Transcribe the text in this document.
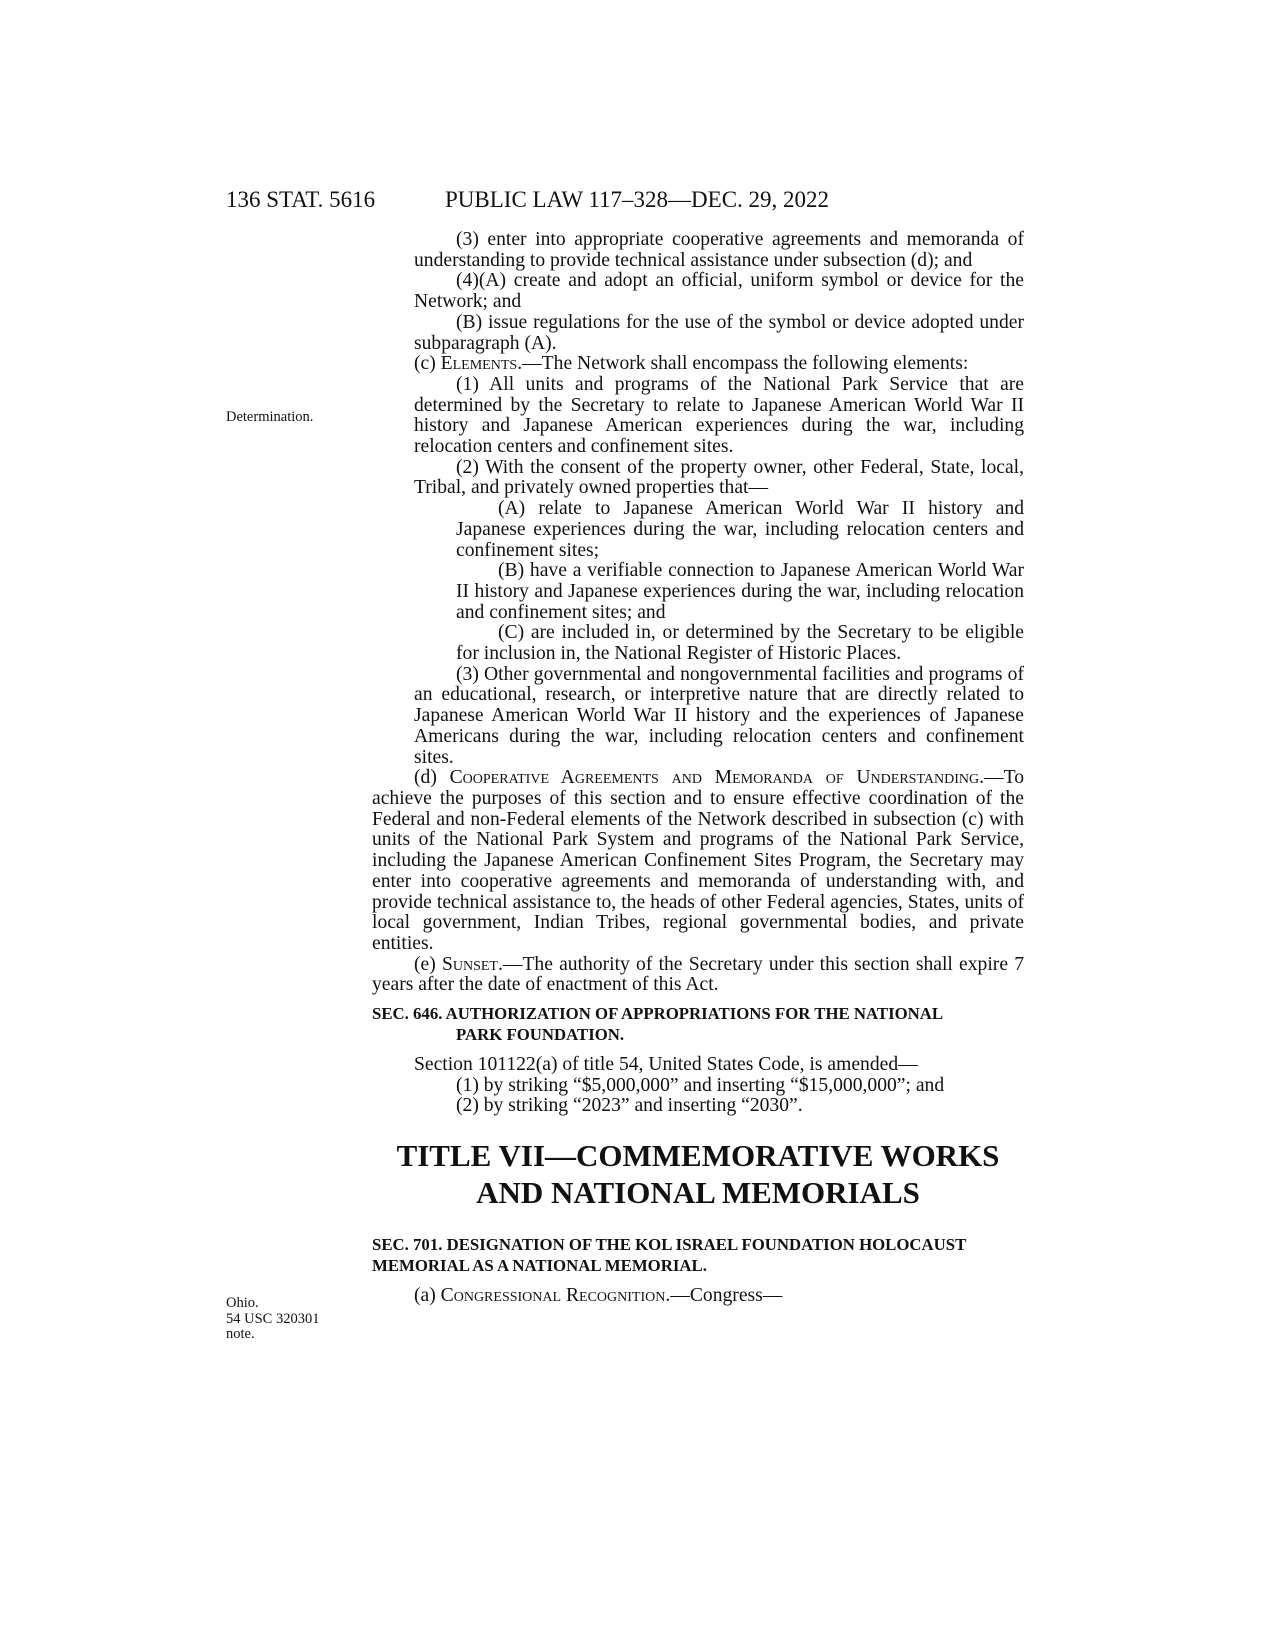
136 STAT. 5616	PUBLIC LAW 117–328—DEC. 29, 2022
Determination.
Ohio.
54 USC 320301
note.

(3) enter into appropriate cooperative agreements and memoranda of understanding to provide technical assistance under subsection (d); and

(4)(A) create and adopt an official, uniform symbol or device for the Network; and

(B) issue regulations for the use of the symbol or device adopted under subparagraph (A).

(c) Elements.—The Network shall encompass the following elements:

(1) All units and programs of the National Park Service that are determined by the Secretary to relate to Japanese American World War II history and Japanese American experiences during the war, including relocation centers and confinement sites.

(2) With the consent of the property owner, other Federal, State, local, Tribal, and privately owned properties that—

(A) relate to Japanese American World War II history and Japanese experiences during the war, including relocation centers and confinement sites;

(B) have a verifiable connection to Japanese American World War II history and Japanese experiences during the war, including relocation and confinement sites; and

(C) are included in, or determined by the Secretary to be eligible for inclusion in, the National Register of Historic Places.

(3) Other governmental and nongovernmental facilities and programs of an educational, research, or interpretive nature that are directly related to Japanese American World War II history and the experiences of Japanese Americans during the war, including relocation centers and confinement sites.

(d) Cooperative Agreements and Memoranda of Understanding.—To achieve the purposes of this section and to ensure effective coordination of the Federal and non-Federal elements of the Network described in subsection (c) with units of the National Park System and programs of the National Park Service, including the Japanese American Confinement Sites Program, the Secretary may enter into cooperative agreements and memoranda of understanding with, and provide technical assistance to, the heads of other Federal agencies, States, units of local government, Indian Tribes, regional governmental bodies, and private entities.

(e) Sunset.—The authority of the Secretary under this section shall expire 7 years after the date of enactment of this Act.

SEC. 646. AUTHORIZATION OF APPROPRIATIONS FOR THE NATIONAL
PARK FOUNDATION.

Section 101122(a) of title 54, United States Code, is amended—

(1) by striking “$5,000,000” and inserting “$15,000,000”; and

(2) by striking “2023” and inserting “2030”.

TITLE VII—COMMEMORATIVE WORKS
AND NATIONAL MEMORIALS
SEC. 701. DESIGNATION OF THE KOL ISRAEL FOUNDATION HOLOCAUST
MEMORIAL AS A NATIONAL MEMORIAL.

(a) Congressional Recognition.—Congress—
